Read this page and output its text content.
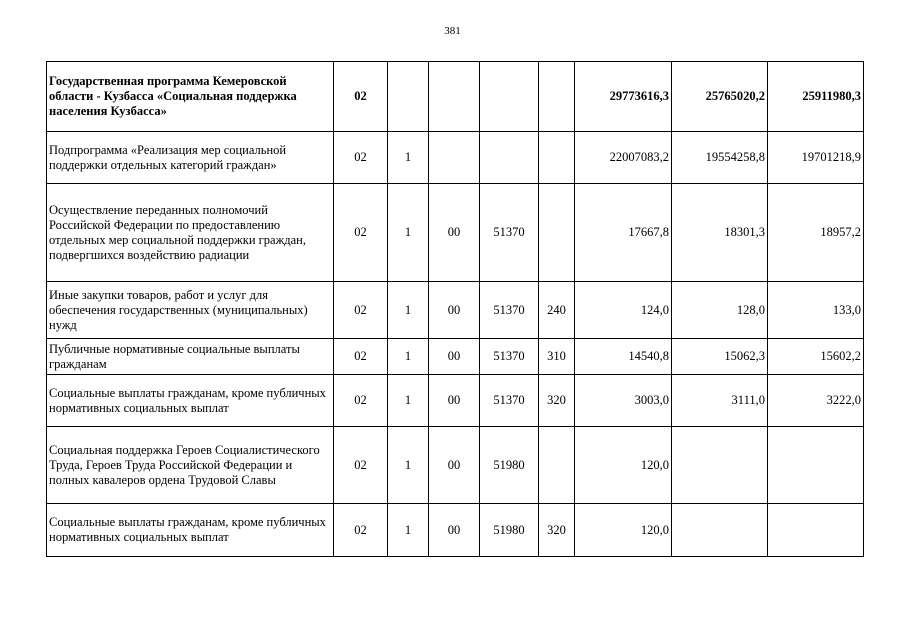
381
Государственная программа Кемеровской области - Кузбасса «Социальная поддержка населения Кузбасса»	02					29773616,3	25765020,2	25911980,3
Подпрограмма «Реализация мер социальной поддержки отдельных категорий граждан»	02	1				22007083,2	19554258,8	19701218,9
Осуществление переданных полномочий Российской Федерации по предоставлению отдельных мер социальной поддержки граждан, подвергшихся воздействию радиации	02	1	00	51370		17667,8	18301,3	18957,2
Иные закупки товаров, работ и услуг для обеспечения государственных (муниципальных) нужд	02	1	00	51370	240	124,0	128,0	133,0
Публичные нормативные социальные выплаты гражданам	02	1	00	51370	310	14540,8	15062,3	15602,2
Социальные выплаты гражданам, кроме публичных нормативных социальных выплат	02	1	00	51370	320	3003,0	3111,0	3222,0
Социальная поддержка Героев Социалистического Труда, Героев Труда Российской Федерации и полных кавалеров ордена Трудовой Славы	02	1	00	51980		120,0		
Социальные выплаты гражданам, кроме публичных нормативных социальных выплат	02	1	00	51980	320	120,0		
